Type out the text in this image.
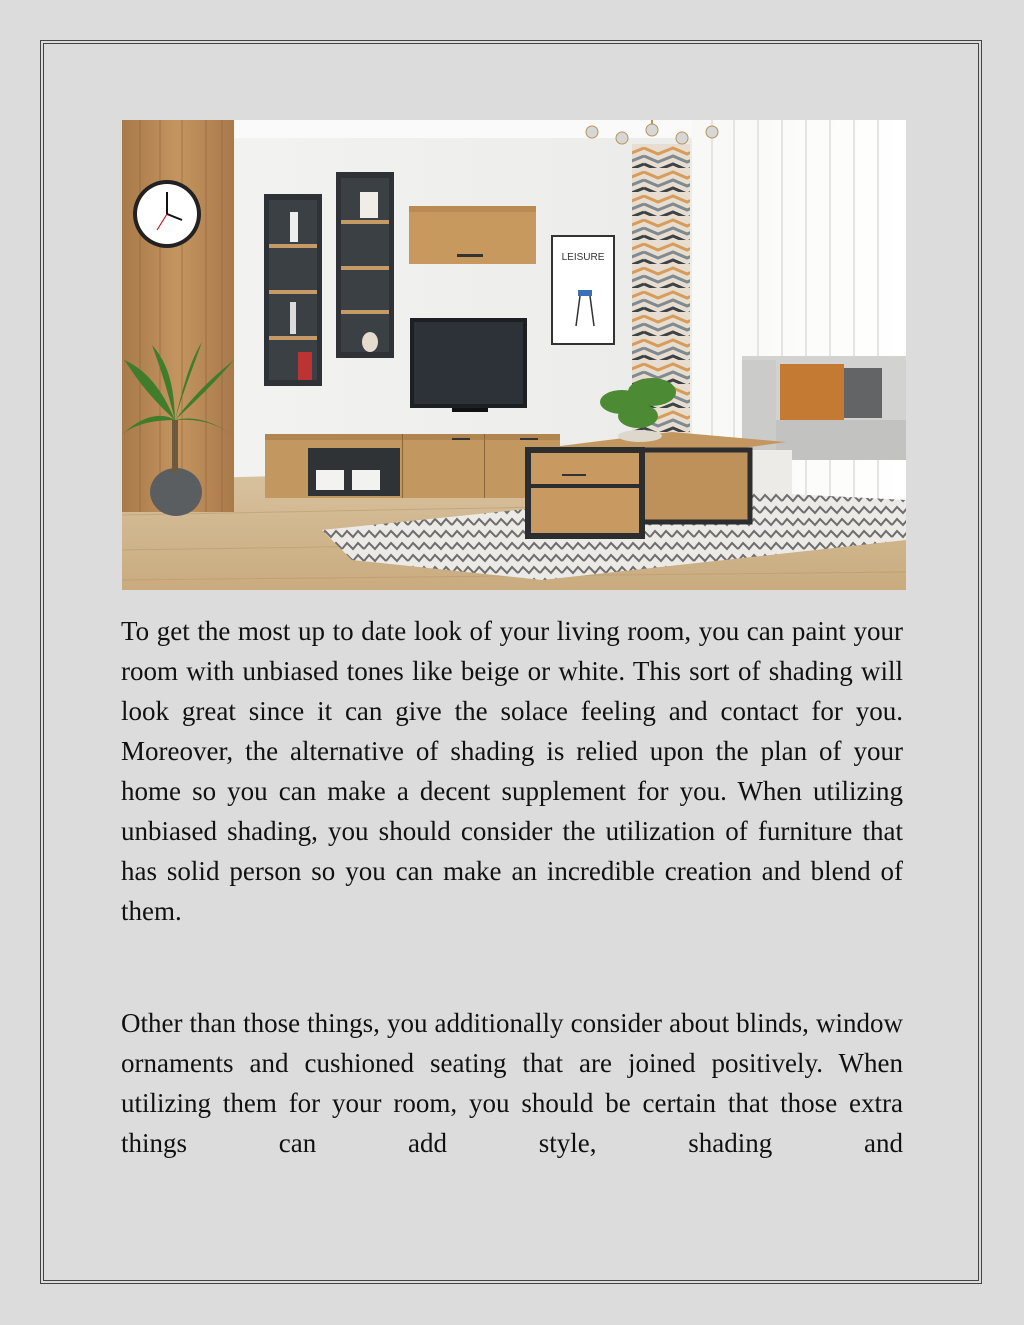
LEISURE

To get the most up to date look of your living room, you can paint your room with unbiased tones like beige or white. This sort of shading will look great since it can give the solace feeling and contact for you. Moreover, the alternative of shading is relied upon the plan of your home so you can make a decent supplement for you. When utilizing unbiased shading, you should consider the utilization of furniture that has solid person so you can make an incredible creation and blend of them.

Other than those things, you additionally consider about blinds, window ornaments and cushioned seating that are joined positively. When utilizing them for your room, you should be certain that those extra things can add style, shading and
